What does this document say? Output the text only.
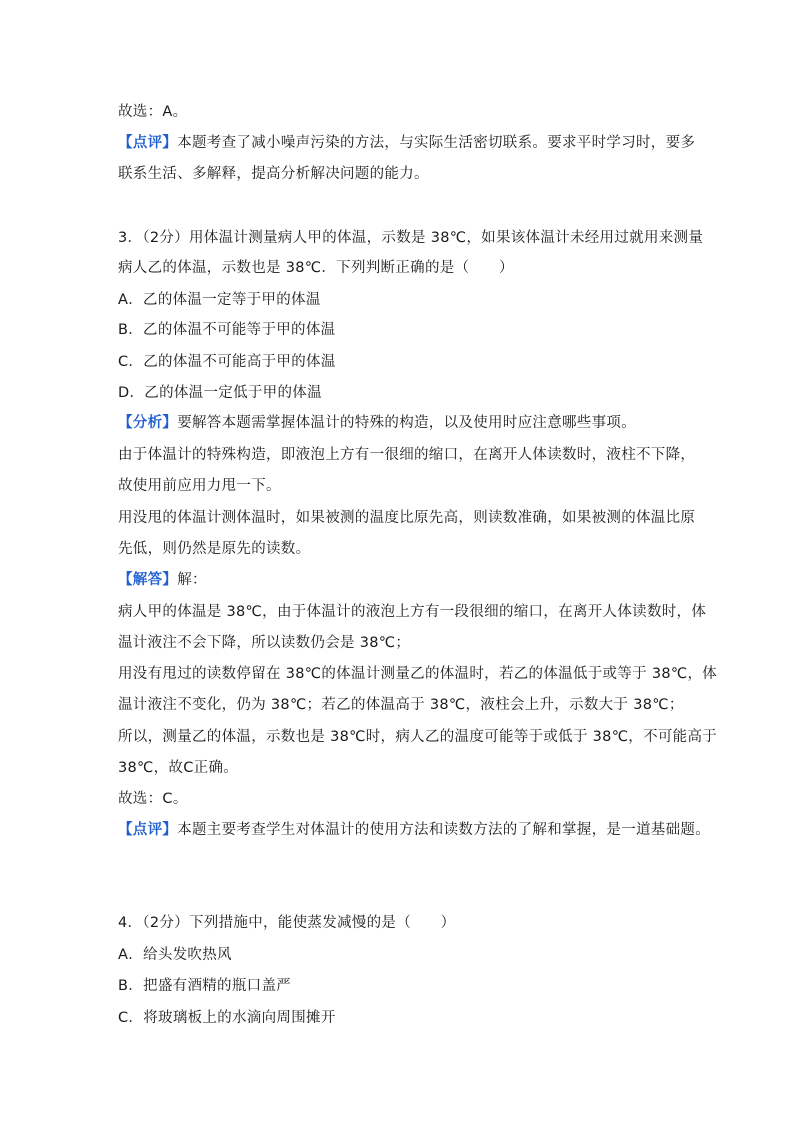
故选：A。
【点评】本题考查了减小噪声污染的方法，与实际生活密切联系。要求平时学习时，要多
联系生活、多解释，提高分析解决问题的能力。
3．（2分）用体温计测量病人甲的体温，示数是 38℃，如果该体温计未经用过就用来测量
病人乙的体温，示数也是 38℃．下列判断正确的是（　　）
A．乙的体温一定等于甲的体温
B．乙的体温不可能等于甲的体温
C．乙的体温不可能高于甲的体温
D．乙的体温一定低于甲的体温
【分析】要解答本题需掌握体温计的特殊的构造，以及使用时应注意哪些事项。
由于体温计的特殊构造，即液泡上方有一很细的缩口，在离开人体读数时，液柱不下降，
故使用前应用力甩一下。
用没甩的体温计测体温时，如果被测的温度比原先高，则读数准确，如果被测的体温比原
先低，则仍然是原先的读数。
【解答】解：
病人甲的体温是 38℃，由于体温计的液泡上方有一段很细的缩口，在离开人体读数时，体
温计液注不会下降，所以读数仍会是 38℃；
用没有甩过的读数停留在 38℃的体温计测量乙的体温时，若乙的体温低于或等于 38℃，体
温计液注不变化，仍为 38℃；若乙的体温高于 38℃，液柱会上升，示数大于 38℃；
所以，测量乙的体温，示数也是 38℃时，病人乙的温度可能等于或低于 38℃，不可能高于
38℃，故C正确。
故选：C。
【点评】本题主要考查学生对体温计的使用方法和读数方法的了解和掌握，是一道基础题。
4．（2分）下列措施中，能使蒸发减慢的是（　　）
A．给头发吹热风
B．把盛有酒精的瓶口盖严
C．将玻璃板上的水滴向周围摊开
